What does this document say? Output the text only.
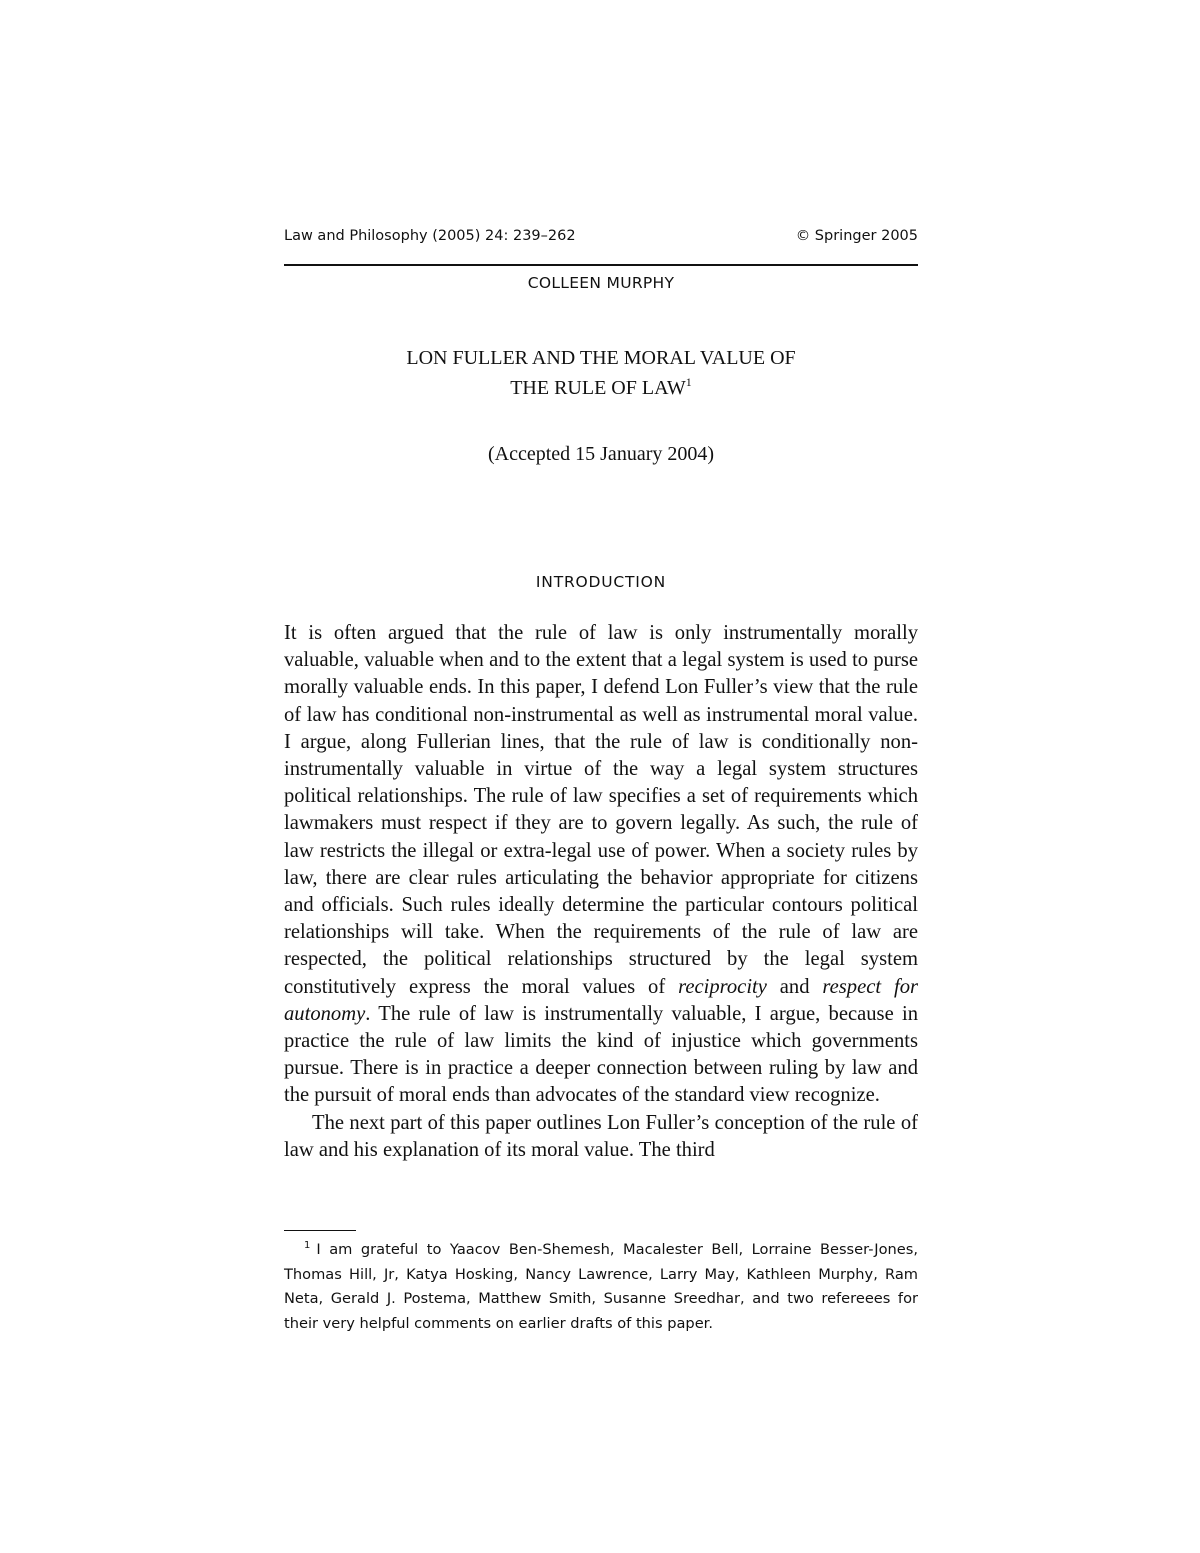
Law and Philosophy (2005) 24: 239–262	© Springer 2005
COLLEEN MURPHY
LON FULLER AND THE MORAL VALUE OF
THE RULE OF LAW$^1$
(Accepted 15 January 2004)
INTRODUCTION

It is often argued that the rule of law is only instrumentally morally valuable, valuable when and to the extent that a legal system is used to purse morally valuable ends. In this paper, I defend Lon Fuller’s view that the rule of law has conditional non-instrumental as well as instrumental moral value. I argue, along Fullerian lines, that the rule of law is conditionally non-instrumentally valuable in virtue of the way a legal system structures political relationships. The rule of law specifies a set of requirements which lawmakers must respect if they are to govern legally. As such, the rule of law restricts the illegal or extra-legal use of power. When a society rules by law, there are clear rules articulating the behavior appropriate for citizens and officials. Such rules ideally determine the particular contours political relationships will take. When the requirements of the rule of law are respected, the political relationships structured by the legal system constitutively express the moral values of reciprocity and respect for autonomy. The rule of law is instrumentally valuable, I argue, because in practice the rule of law limits the kind of injustice which governments pursue. There is in practice a deeper connection between ruling by law and the pursuit of moral ends than advocates of the standard view recognize.

The next part of this paper outlines Lon Fuller’s conception of the rule of law and his explanation of its moral value. The third

$^1$ I am grateful to Yaacov Ben-Shemesh, Macalester Bell, Lorraine Besser-Jones, Thomas Hill, Jr, Katya Hosking, Nancy Lawrence, Larry May, Kathleen Murphy, Ram Neta, Gerald J. Postema, Matthew Smith, Susanne Sreedhar, and two refereees for their very helpful comments on earlier drafts of this paper.
